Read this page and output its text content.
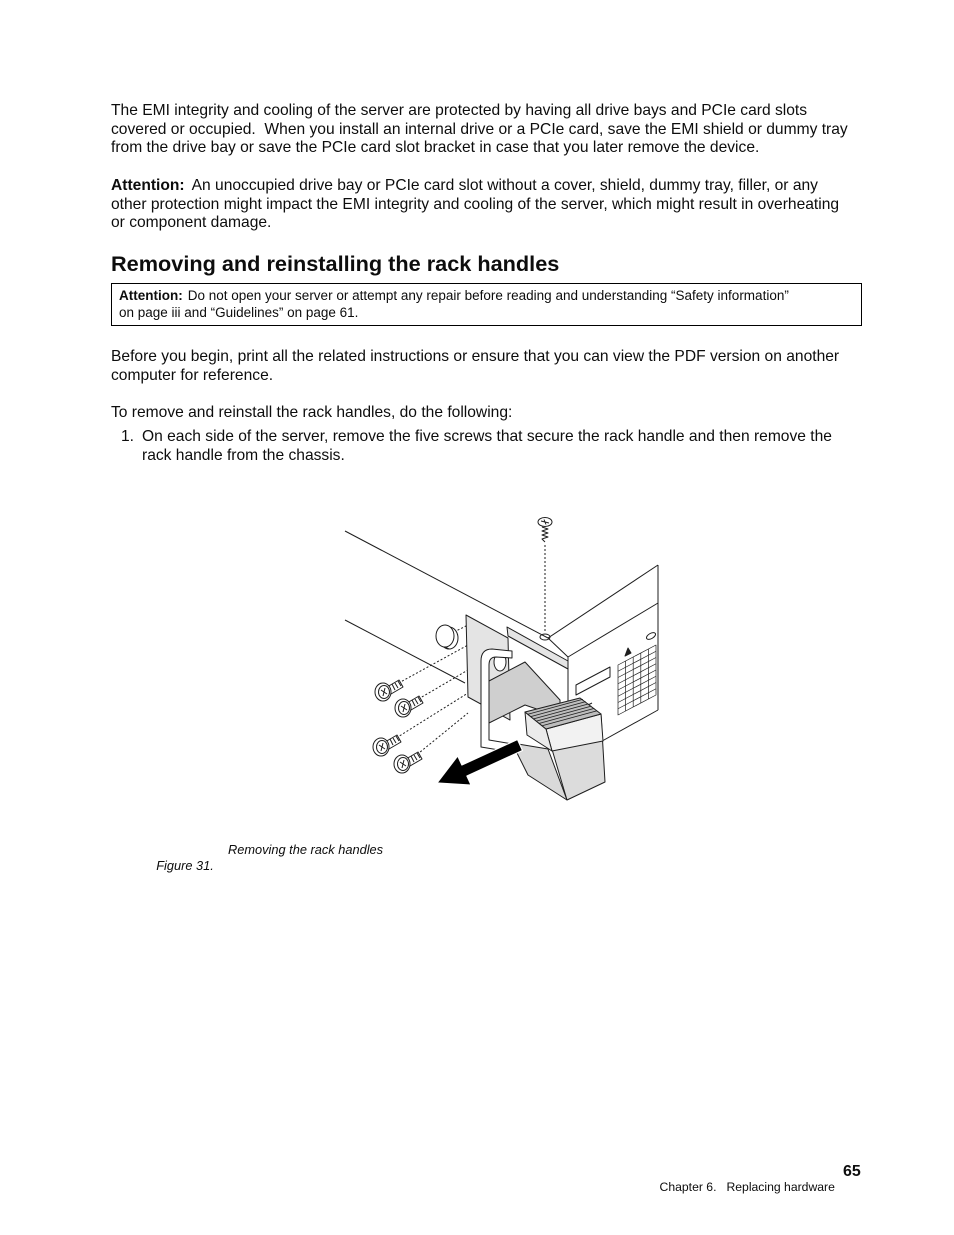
The EMI integrity and cooling of the server are protected by having all drive bays and PCIe card slots
covered or occupied.  When you install an internal drive or a PCIe card, save the EMI shield or dummy tray
from the drive bay or save the PCIe card slot bracket in case that you later remove the device.
Attention: An unoccupied drive bay or PCIe card slot without a cover, shield, dummy tray, filler, or any
other protection might impact the EMI integrity and cooling of the server, which might result in overheating
or component damage.
Removing and reinstalling the rack handles
Attention: Do not open your server or attempt any repair before reading and understanding “Safety information”
on page iii and “Guidelines” on page 61.
Before you begin, print all the related instructions or ensure that you can view the PDF version on another
computer for reference.
To remove and reinstall the rack handles, do the following:
1. On each side of the server, remove the five screws that secure the rack handle and then remove the
rack handle from the chassis.

Figure 31.

Removing the rack handles

Chapter 6. Replacing hardware

65
